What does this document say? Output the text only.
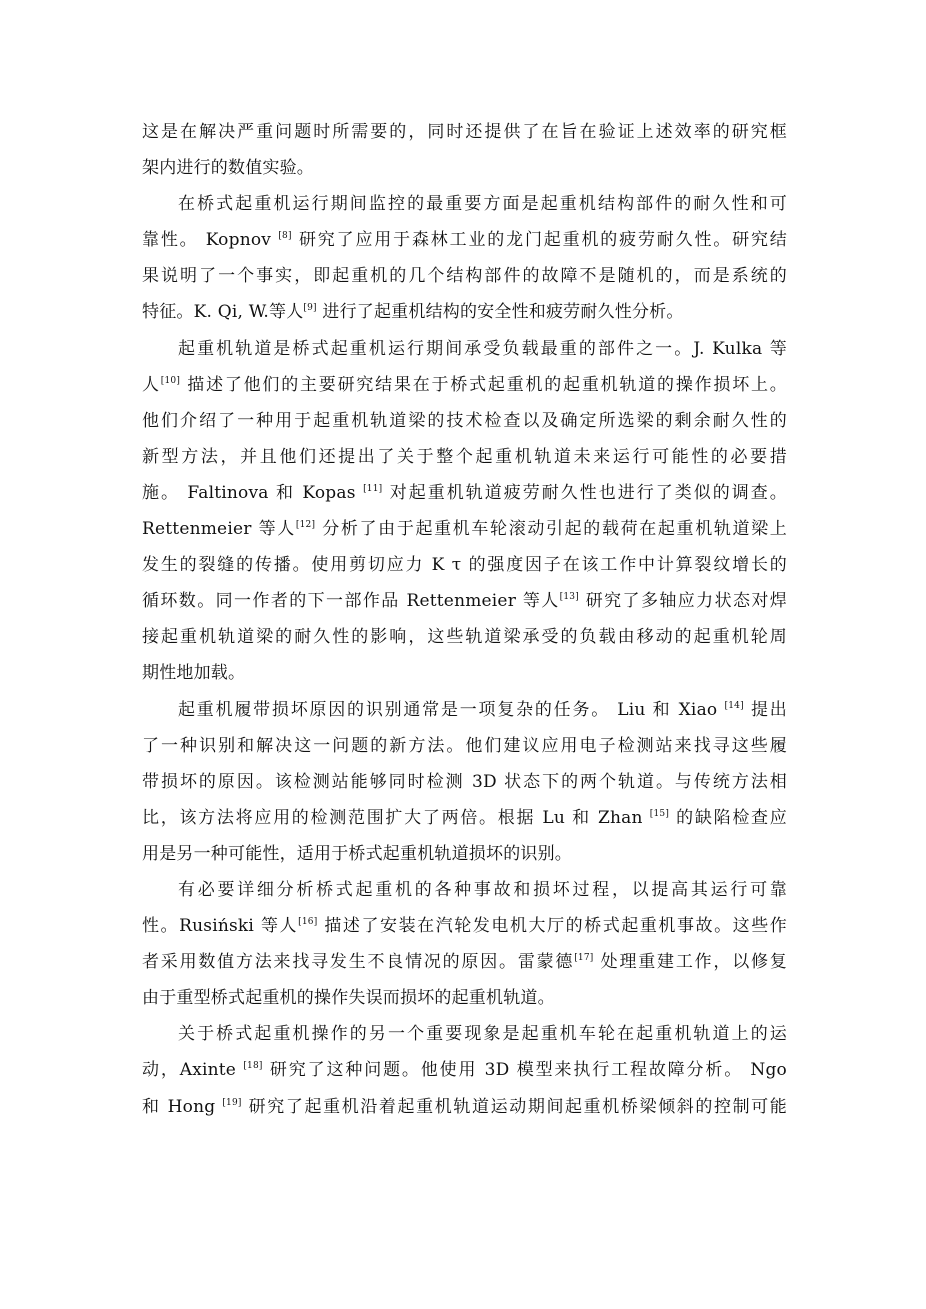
这是在解决严重问题时所需要的，同时还提供了在旨在验证上述效率的研究框
架内进行的数值实验。
在桥式起重机运行期间监控的最重要方面是起重机结构部件的耐久性和可
靠性。 Kopnov [8] 研究了应用于森林工业的龙门起重机的疲劳耐久性。研究结
果说明了一个事实，即起重机的几个结构部件的故障不是随机的，而是系统的
特征。K. Qi, W.等人[9] 进行了起重机结构的安全性和疲劳耐久性分析。
起重机轨道是桥式起重机运行期间承受负载最重的部件之一。J. Kulka 等
人[10] 描述了他们的主要研究结果在于桥式起重机的起重机轨道的操作损坏上。
他们介绍了一种用于起重机轨道梁的技术检查以及确定所选梁的剩余耐久性的
新型方法，并且他们还提出了关于整个起重机轨道未来运行可能性的必要措
施。 Faltinova 和 Kopas [11] 对起重机轨道疲劳耐久性也进行了类似的调查。
Rettenmeier 等人[12] 分析了由于起重机车轮滚动引起的载荷在起重机轨道梁上
发生的裂缝的传播。使用剪切应力 K τ 的强度因子在该工作中计算裂纹增长的
循环数。同一作者的下一部作品 Rettenmeier 等人[13] 研究了多轴应力状态对焊
接起重机轨道梁的耐久性的影响，这些轨道梁承受的负载由移动的起重机轮周
期性地加载。
起重机履带损坏原因的识别通常是一项复杂的任务。 Liu 和 Xiao [14] 提出
了一种识别和解决这一问题的新方法。他们建议应用电子检测站来找寻这些履
带损坏的原因。该检测站能够同时检测 3D 状态下的两个轨道。与传统方法相
比，该方法将应用的检测范围扩大了两倍。根据 Lu 和 Zhan [15] 的缺陷检查应
用是另一种可能性，适用于桥式起重机轨道损坏的识别。
有必要详细分析桥式起重机的各种事故和损坏过程，以提高其运行可靠
性。Rusiński 等人[16] 描述了安装在汽轮发电机大厅的桥式起重机事故。这些作
者采用数值方法来找寻发生不良情况的原因。雷蒙德[17] 处理重建工作，以修复
由于重型桥式起重机的操作失误而损坏的起重机轨道。
关于桥式起重机操作的另一个重要现象是起重机车轮在起重机轨道上的运
动，Axinte [18] 研究了这种问题。他使用 3D 模型来执行工程故障分析。 Ngo
和 Hong [19] 研究了起重机沿着起重机轨道运动期间起重机桥梁倾斜的控制可能
